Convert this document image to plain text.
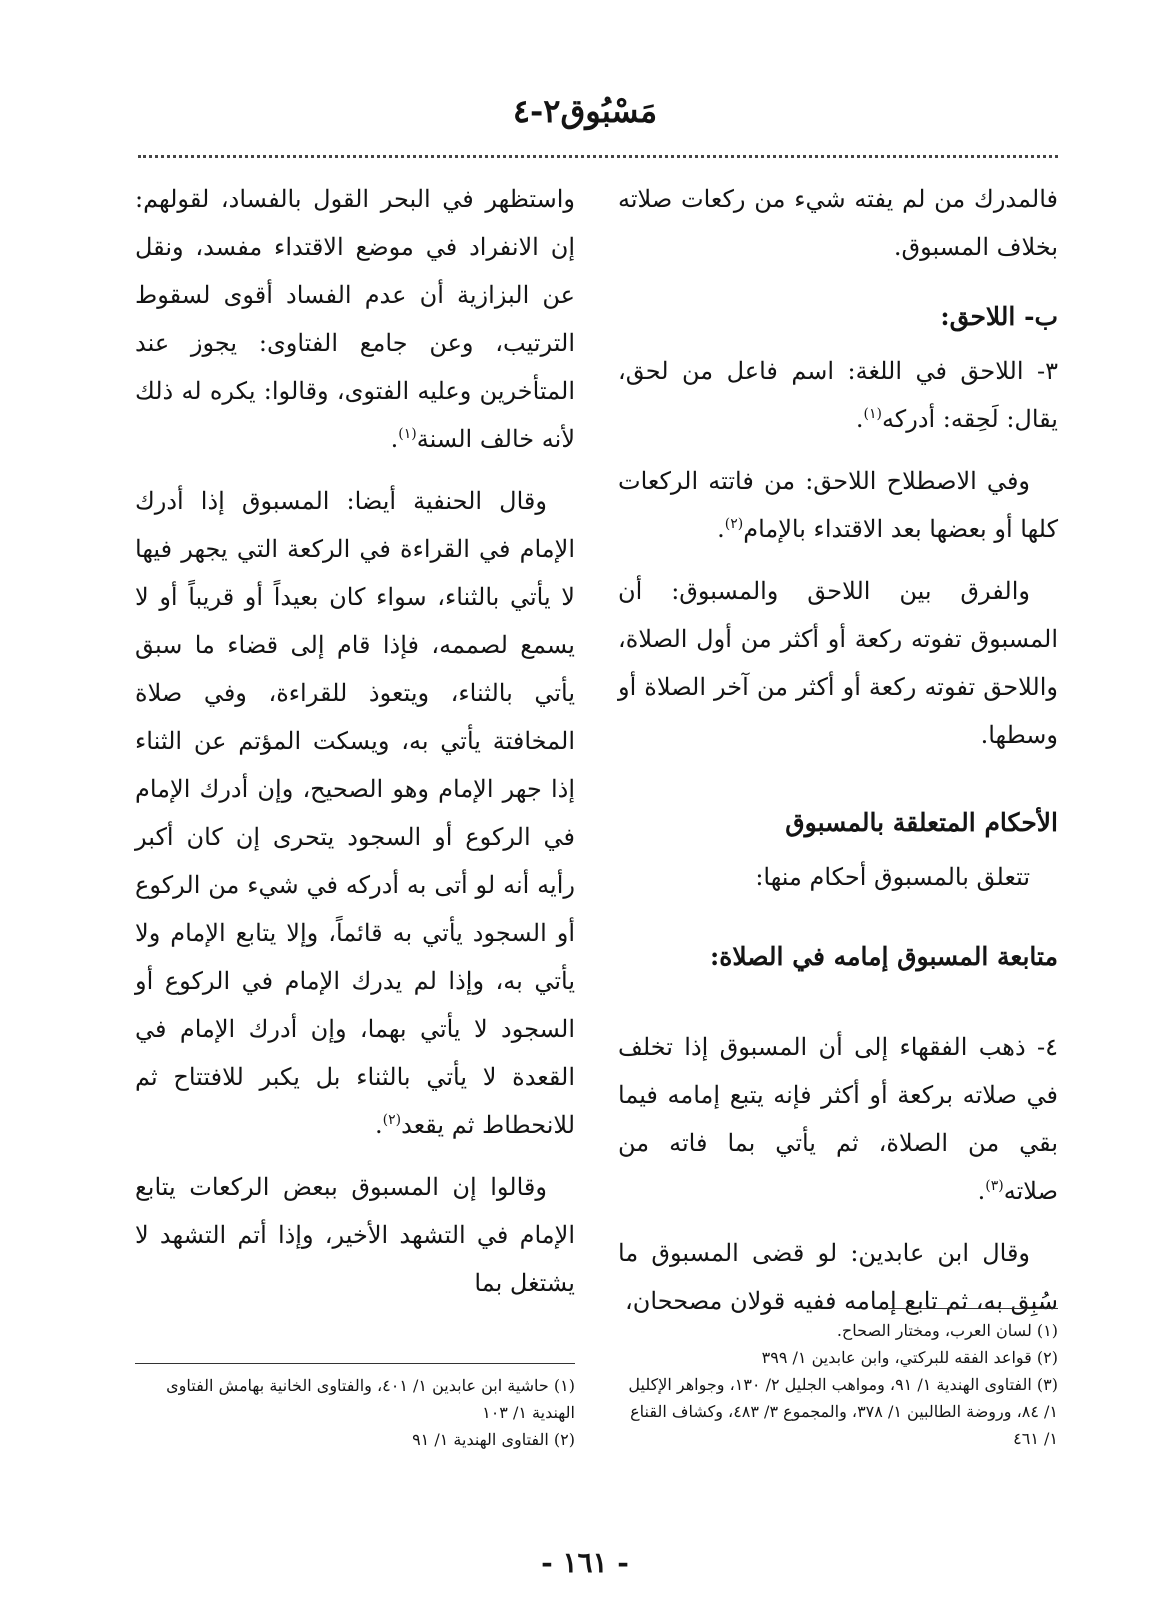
مَسْبُوق٢-٤

فالمدرك من لم يفته شيء من ركعات صلاته بخلاف المسبوق.

ب- اللاحق:

٣- اللاحق في اللغة: اسم فاعل من لحق، يقال: لَحِقه: أدركه$^{(١)}$.

وفي الاصطلاح اللاحق: من فاتته الركعات كلها أو بعضها بعد الاقتداء بالإمام$^{(٢)}$.

والفرق بين اللاحق والمسبوق: أن المسبوق تفوته ركعة أو أكثر من أول الصلاة، واللاحق تفوته ركعة أو أكثر من آخر الصلاة أو وسطها.

الأحكام المتعلقة بالمسبوق

تتعلق بالمسبوق أحكام منها:

متابعة المسبوق إمامه في الصلاة:

٤- ذهب الفقهاء إلى أن المسبوق إذا تخلف في صلاته بركعة أو أكثر فإنه يتبع إمامه فيما بقي من الصلاة، ثم يأتي بما فاته من صلاته$^{(٣)}$.

وقال ابن عابدين: لو قضى المسبوق ما سُبِق به، ثم تابع إمامه ففيه قولان مصححان،

(١) لسان العرب، ومختار الصحاح.

(٢) قواعد الفقه للبركتي، وابن عابدين ١/ ٣٩٩

(٣) الفتاوى الهندية ١/ ٩١، ومواهب الجليل ٢/ ١٣٠، وجواهر الإكليل ١/ ٨٤، وروضة الطالبين ١/ ٣٧٨، والمجموع ٣/ ٤٨٣، وكشاف القناع ١/ ٤٦١

واستظهر في البحر القول بالفساد، لقولهم: إن الانفراد في موضع الاقتداء مفسد، ونقل عن البزازية أن عدم الفساد أقوى لسقوط الترتيب، وعن جامع الفتاوى: يجوز عند المتأخرين وعليه الفتوى، وقالوا: يكره له ذلك لأنه خالف السنة$^{(١)}$.

وقال الحنفية أيضا: المسبوق إذا أدرك الإمام في القراءة في الركعة التي يجهر فيها لا يأتي بالثناء، سواء كان بعيداً أو قريباً أو لا يسمع لصممه، فإذا قام إلى قضاء ما سبق يأتي بالثناء، ويتعوذ للقراءة، وفي صلاة المخافتة يأتي به، ويسكت المؤتم عن الثناء إذا جهر الإمام وهو الصحيح، وإن أدرك الإمام في الركوع أو السجود يتحرى إن كان أكبر رأيه أنه لو أتى به أدركه في شيء من الركوع أو السجود يأتي به قائماً، وإلا يتابع الإمام ولا يأتي به، وإذا لم يدرك الإمام في الركوع أو السجود لا يأتي بهما، وإن أدرك الإمام في القعدة لا يأتي بالثناء بل يكبر للافتتاح ثم للانحطاط ثم يقعد$^{(٢)}$.

وقالوا إن المسبوق ببعض الركعات يتابع الإمام في التشهد الأخير، وإذا أتم التشهد لا يشتغل بما

(١) حاشية ابن عابدين ١/ ٤٠١، والفتاوى الخانية بهامش الفتاوى الهندية ١/ ١٠٣

(٢) الفتاوى الهندية ١/ ٩١

- ١٦١ -
